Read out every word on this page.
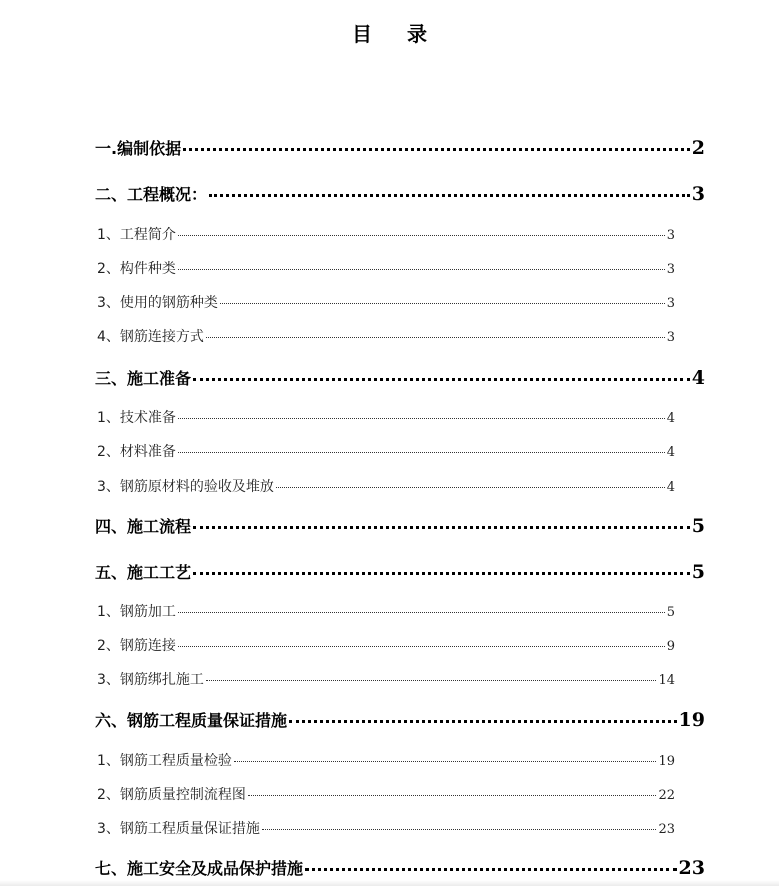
目 录
一.编制依据	2
二、工程概况：	3
1、工程简介	3
2、构件种类	3
3、使用的钢筋种类	3
4、钢筋连接方式	3
三、施工准备	4
1、技术准备	4
2、材料准备	4
3、钢筋原材料的验收及堆放	4
四、施工流程	5
五、施工工艺	5
1、钢筋加工	5
2、钢筋连接	9
3、钢筋绑扎施工	14
六、钢筋工程质量保证措施	19
1、钢筋工程质量检验	19
2、钢筋质量控制流程图	22
3、钢筋工程质量保证措施	23
七、施工安全及成品保护措施	23
